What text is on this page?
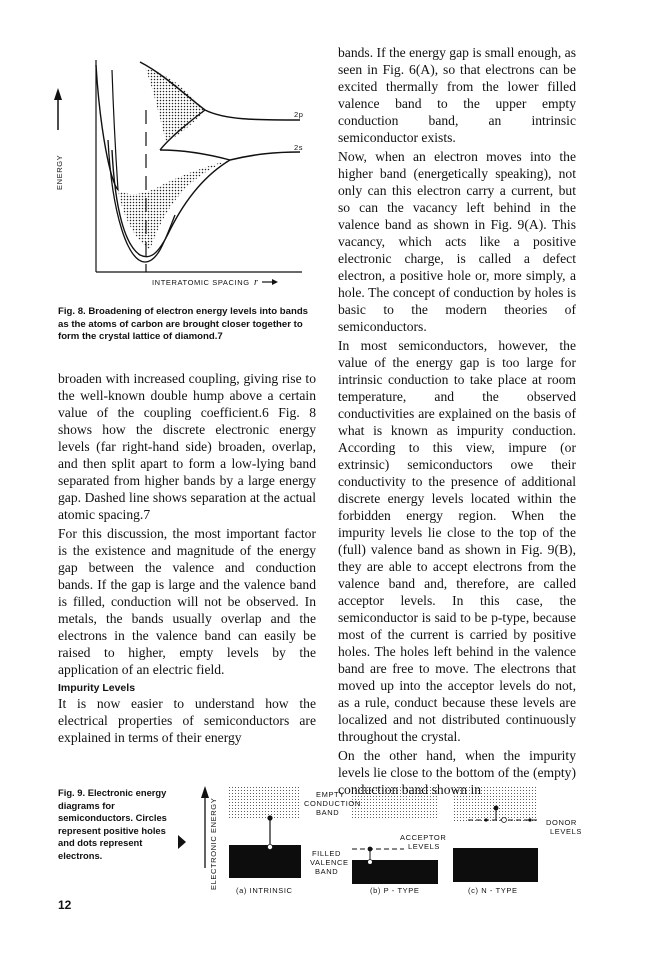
ENERGY
2p
2s
INTERATOMIC SPACING r
ELECTRONIC ENERGY
EMPTY
CONDUCTION
BAND
FILLED
VALENCE
BAND
ACCEPTOR
LEVELS
DONOR
LEVELS
(a) INTRINSIC	(b) P - TYPE	(c) N - TYPE
Fig. 8. Broadening of electron energy levels into bands as the atoms of carbon are brought closer together to form the crystal lattice of diamond.7

broaden with increased coupling, giving rise to the well-known double hump above a certain value of the coupling coefficient.6 Fig. 8 shows how the discrete electronic energy levels (far right-hand side) broaden, overlap, and then split apart to form a low-lying band separated from higher bands by a large energy gap. Dashed line shows separation at the actual atomic spacing.7

For this discussion, the most important factor is the existence and magnitude of the energy gap between the valence and conduction bands. If the gap is large and the valence band is filled, conduction will not be observed. In metals, the bands usually overlap and the electrons in the valence band can easily be raised to higher, empty levels by the application of an electric field.

Impurity Levels

It is now easier to understand how the electrical properties of semiconductors are explained in terms of their energy

bands. If the energy gap is small enough, as seen in Fig. 6(A), so that electrons can be excited thermally from the lower filled valence band to the upper empty conduction band, an intrinsic semiconductor exists.

Now, when an electron moves into the higher band (energetically speaking), not only can this electron carry a current, but so can the vacancy left behind in the valence band as shown in Fig. 9(A). This vacancy, which acts like a positive electronic charge, is called a defect electron, a positive hole or, more simply, a hole. The concept of conduction by holes is basic to the modern theories of semiconductors.

In most semiconductors, however, the value of the energy gap is too large for intrinsic conduction to take place at room temperature, and the observed conductivities are explained on the basis of what is known as impurity conduction. According to this view, impure (or extrinsic) semiconductors owe their conductivity to the presence of additional discrete energy levels located within the forbidden energy region. When the impurity levels lie close to the top of the (full) valence band as shown in Fig. 9(B), they are able to accept electrons from the valence band and, therefore, are called acceptor levels. In this case, the semiconductor is said to be p-type, because most of the current is carried by positive holes. The holes left behind in the valence band are free to move. The electrons that moved up into the acceptor levels do not, as a rule, conduct because these levels are localized and not distributed continuously throughout the crystal.

On the other hand, when the impurity levels lie close to the bottom of the (empty) conduction band shown in

Fig. 9. Electronic energy diagrams for semiconductors. Circles represent positive holes and dots represent electrons.
12
